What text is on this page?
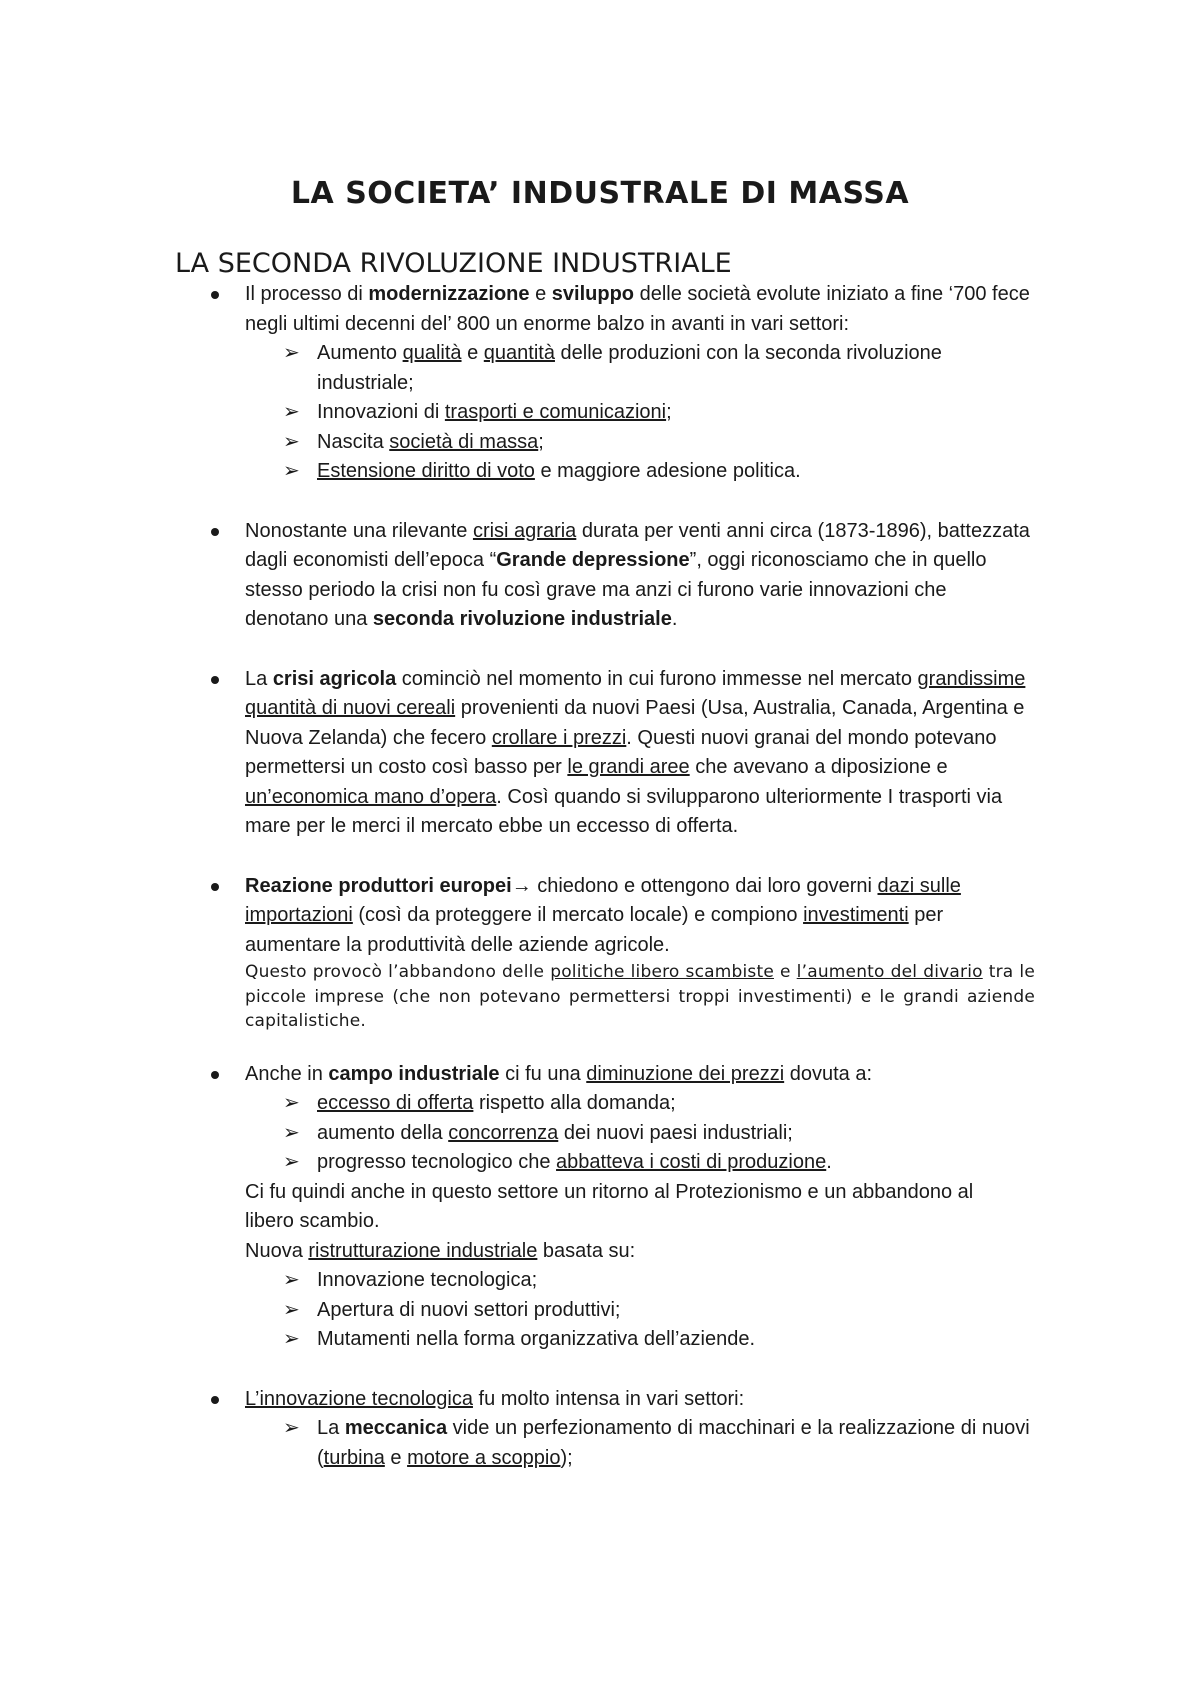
LA SOCIETA’ INDUSTRALE DI MASSA
LA SECONDA RIVOLUZIONE INDUSTRIALE

Il processo di modernizzazione e sviluppo delle società evolute iniziato a fine ‘700 fece negli ultimi decenni del’ 800 un enorme balzo in avanti in vari settori:

➢ Aumento qualità e quantità delle produzioni con la seconda rivoluzione industriale;

➢ Innovazioni di trasporti e comunicazioni;

➢ Nascita società di massa;

➢ Estensione diritto di voto e maggiore adesione politica.

Nonostante una rilevante crisi agraria durata per venti anni circa (1873-1896), battezzata dagli economisti dell’epoca “Grande depressione”, oggi riconosciamo che in quello stesso periodo la crisi non fu così grave ma anzi ci furono varie innovazioni che denotano una seconda rivoluzione industriale.

La crisi agricola cominciò nel momento in cui furono immesse nel mercato grandissime quantità di nuovi cereali provenienti da nuovi Paesi (Usa, Australia, Canada, Argentina e Nuova Zelanda) che fecero crollare i prezzi. Questi nuovi granai del mondo potevano permettersi un costo così basso per le grandi aree che avevano a diposizione e un’economica mano d’opera. Così quando si svilupparono ulteriormente I trasporti via mare per le merci il mercato ebbe un eccesso di offerta.

Reazione produttori europei→ chiedono e ottengono dai loro governi dazi sulle importazioni (così da proteggere il mercato locale) e compiono investimenti per aumentare la produttività delle aziende agricole.

Questo provocò l’abbandono delle politiche libero scambiste e l’aumento del divario tra le piccole imprese (che non potevano permettersi troppi investimenti) e le grandi aziende capitalistiche.

Anche in campo industriale ci fu una diminuzione dei prezzi dovuta a:

➢ eccesso di offerta rispetto alla domanda;

➢ aumento della concorrenza dei nuovi paesi industriali;

➢ progresso tecnologico che abbatteva i costi di produzione.

Ci fu quindi anche in questo settore un ritorno al Protezionismo e un abbandono al          libero scambio.

Nuova ristrutturazione industriale basata su:

➢ Innovazione tecnologica;

➢ Apertura di nuovi settori produttivi;

➢ Mutamenti nella forma organizzativa dell’aziende.

L’innovazione tecnologica fu molto intensa in vari settori:

➢ La meccanica vide un perfezionamento di macchinari e la realizzazione di nuovi (turbina e motore a scoppio);
